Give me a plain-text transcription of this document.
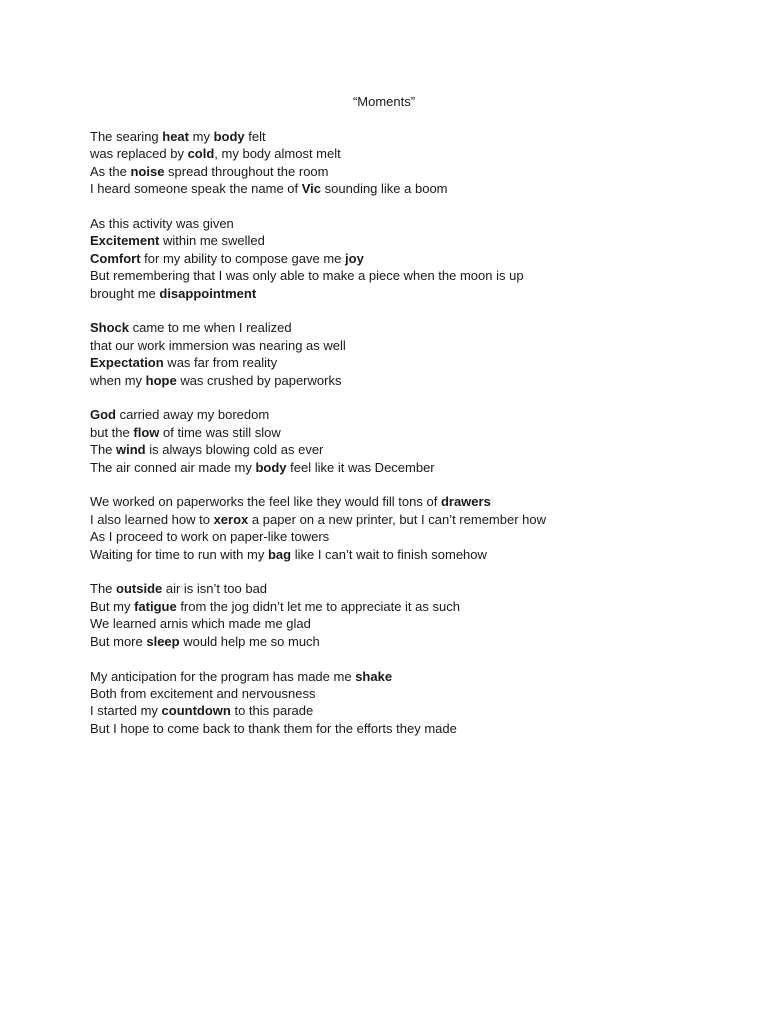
“Moments”

The searing heat my body felt

was replaced by cold, my body almost melt

As the noise spread throughout the room

I heard someone speak the name of Vic sounding like a boom

As this activity was given

Excitement within me swelled

Comfort for my ability to compose gave me joy

But remembering that I was only able to make a piece when the moon is up

brought me disappointment

Shock came to me when I realized

that our work immersion was nearing as well

Expectation was far from reality

when my hope was crushed by paperworks

God carried away my boredom

but the flow of time was still slow

The wind is always blowing cold as ever

The air conned air made my body feel like it was December

We worked on paperworks the feel like they would fill tons of drawers

I also learned how to xerox a paper on a new printer, but I can’t remember how

As I proceed to work on paper-like towers

Waiting for time to run with my bag like I can’t wait to finish somehow

The outside air is isn’t too bad

But my fatigue from the jog didn’t let me to appreciate it as such

We learned arnis which made me glad

But more sleep would help me so much

My anticipation for the program has made me shake

Both from excitement and nervousness

I started my countdown to this parade

But I hope to come back to thank them for the efforts they made
